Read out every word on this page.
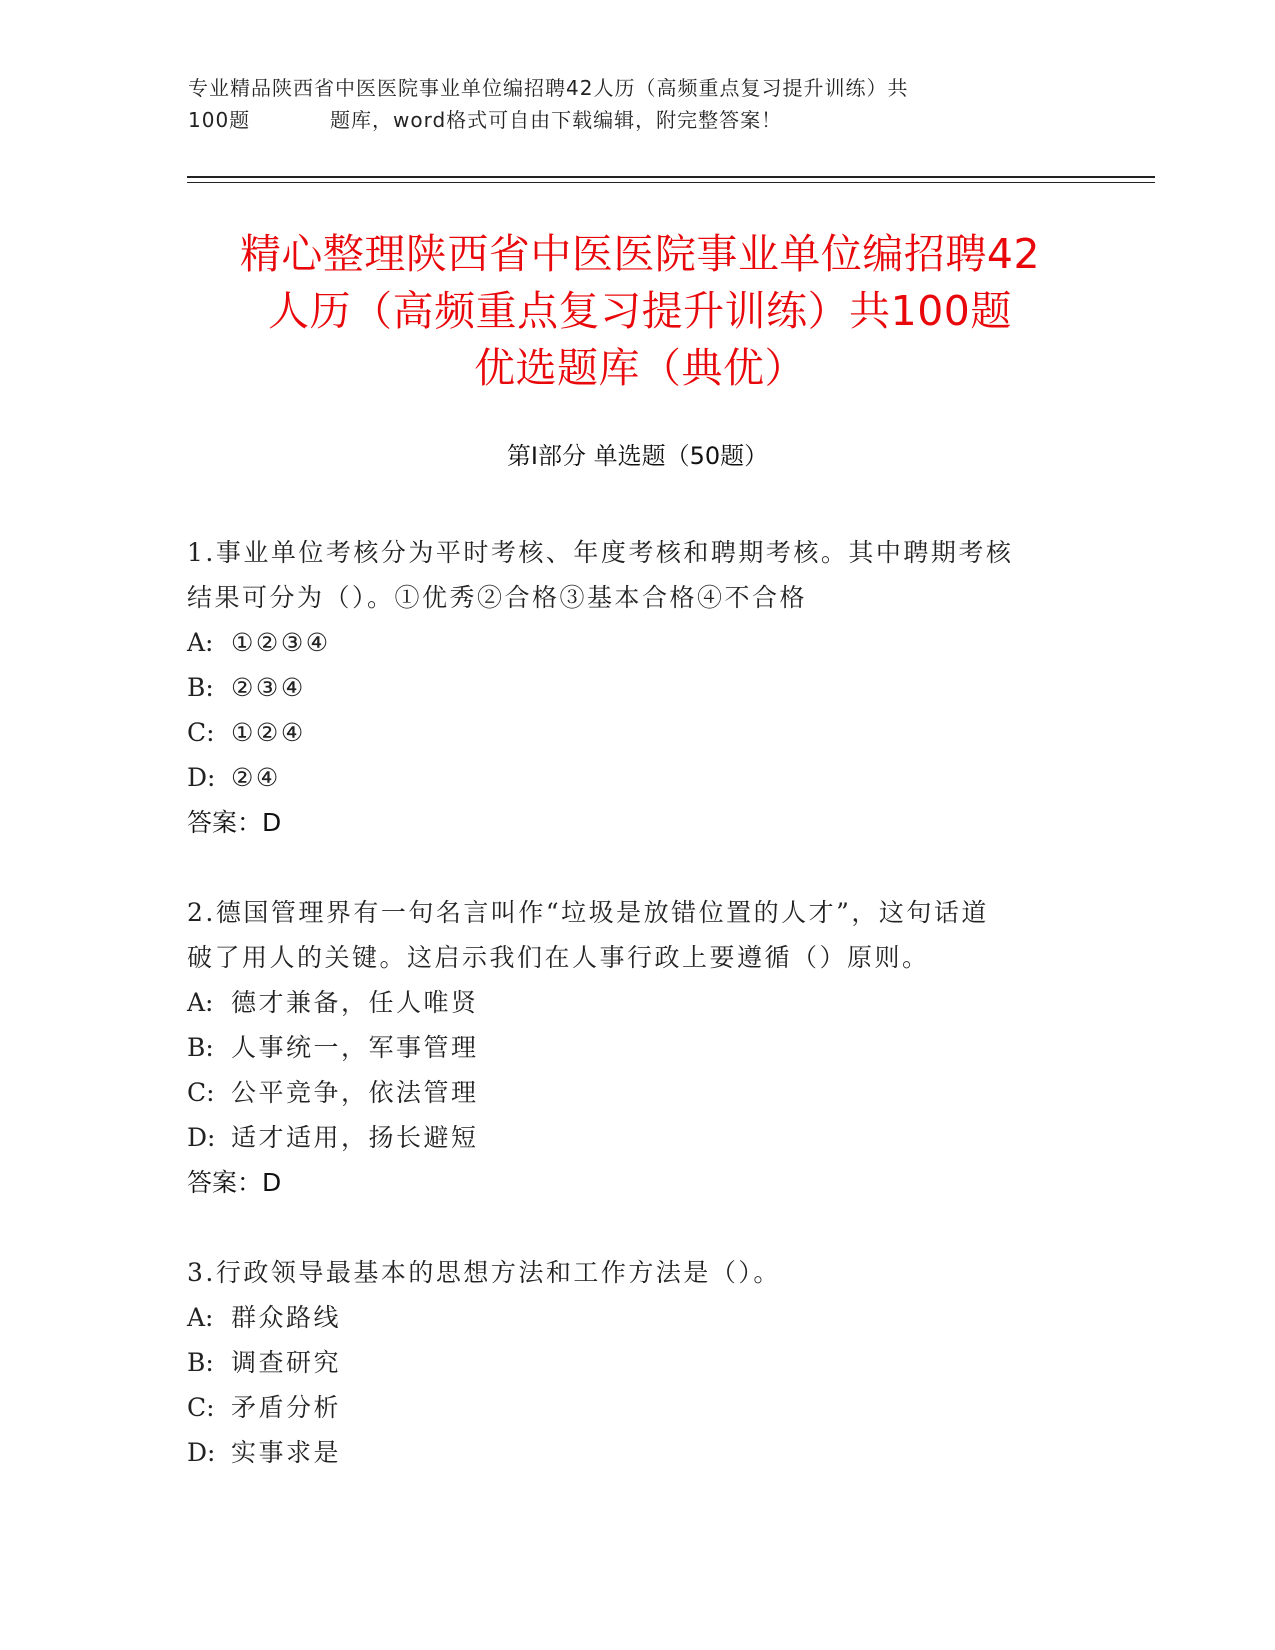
专业精品陕西省中医医院事业单位编招聘42人历（高频重点复习提升训练）共
100题	题库，word格式可自由下载编辑，附完整答案！
精心整理陕西省中医医院事业单位编招聘42
人历（高频重点复习提升训练）共100题
优选题库（典优）
第Ⅰ部分 单选题（50题）

1.事业单位考核分为平时考核、年度考核和聘期考核。其中聘期考核
结果可分为（）。①优秀②合格③基本合格④不合格

A: ①②③④
B: ②③④
C: ①②④
D: ②④
答案：D

2.德国管理界有一句名言叫作“垃圾是放错位置的人才”，这句话道
破了用人的关键。这启示我们在人事行政上要遵循（）原则。

A: 德才兼备，任人唯贤
B: 人事统一，军事管理
C: 公平竞争，依法管理
D: 适才适用，扬长避短
答案：D

3.行政领导最基本的思想方法和工作方法是（）。

A: 群众路线
B: 调查研究
C: 矛盾分析
D: 实事求是
